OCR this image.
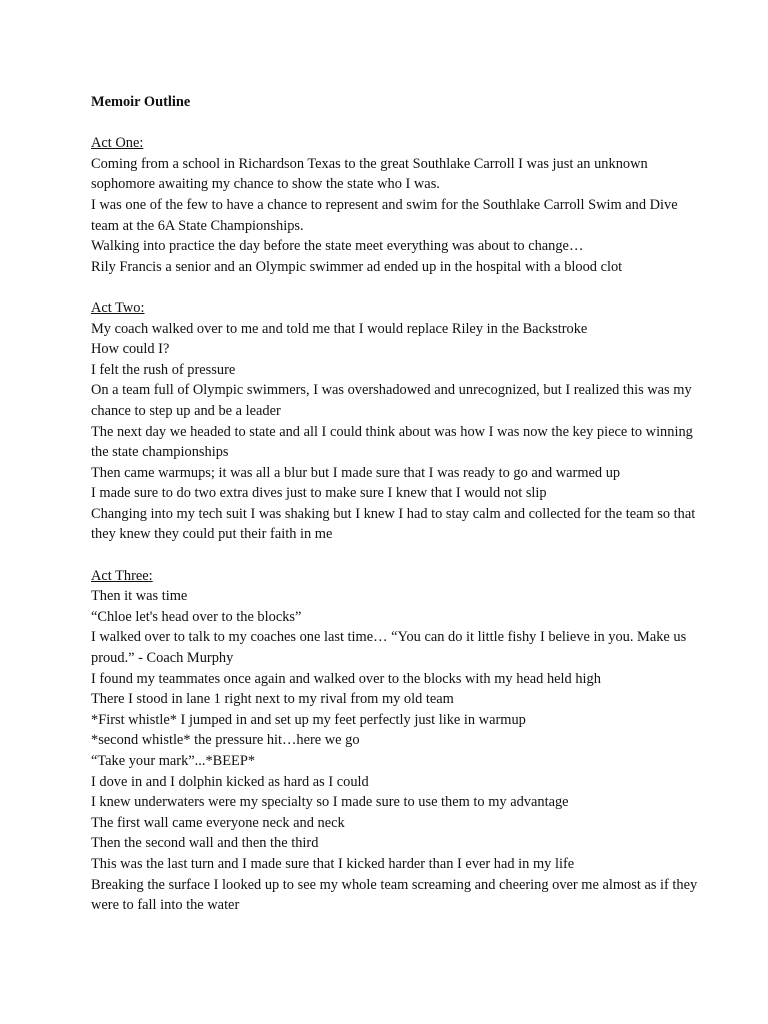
Memoir Outline

Act One:

Coming from a school in Richardson Texas to the great Southlake Carroll I was just an unknown sophomore awaiting my chance to show the state who I was.

I was one of the few to have a chance to represent and swim for the Southlake Carroll Swim and Dive team at the 6A State Championships.

Walking into practice the day before the state meet everything was about to change…

Rily Francis a senior and an Olympic swimmer ad ended up in the hospital with a blood clot

Act Two:

My coach walked over to me and told me that I would replace Riley in the Backstroke

How could I?

I felt the rush of pressure

On a team full of Olympic swimmers, I was overshadowed and unrecognized, but I realized this was my chance to step up and be a leader

The next day we headed to state and all I could think about was how I was now the key piece to winning the state championships

Then came warmups; it was all a blur but I made sure that I was ready to go and warmed up

I made sure to do two extra dives just to make sure I knew that I would not slip

Changing into my tech suit I was shaking but I knew I had to stay calm and collected for the team so that they knew they could put their faith in me

Act Three:

Then it was time

“Chloe let's head over to the blocks”

I walked over to talk to my coaches one last time… “You can do it little fishy I believe in you. Make us proud.” - Coach Murphy

I found my teammates once again and walked over to the blocks with my head held high

There I stood in lane 1 right next to my rival from my old team

*First whistle* I jumped in and set up my feet perfectly just like in warmup

*second whistle* the pressure hit…here we go

“Take your mark”...*BEEP*

I dove in and I dolphin kicked as hard as I could

I knew underwaters were my specialty so I made sure to use them to my advantage

The first wall came everyone neck and neck

Then the second wall and then the third

This was the last turn and I made sure that I kicked harder than I ever had in my life

Breaking the surface I looked up to see my whole team screaming and cheering over me almost as if they were to fall into the water
